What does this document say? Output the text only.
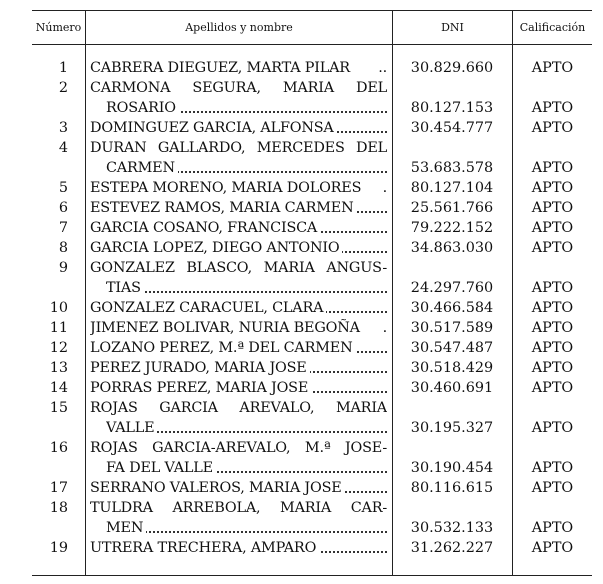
Número	Apellidos y nombre	DNI	Calificación
1 CABRERA DIEGUEZ, MARTA PILAR ..	30.829.660	APTO
2 CARMONA SEGURA, MARIA DEL
ROSARIO	80.127.153	APTO
3 DOMINGUEZ GARCIA, ALFONSA	30.454.777	APTO
4 DURAN GALLARDO, MERCEDES DEL
CARMEN	53.683.578	APTO
5 ESTEPA MORENO, MARIA DOLORES .	80.127.104	APTO
6 ESTEVEZ RAMOS, MARIA CARMEN	25.561.766	APTO
7 GARCIA COSANO, FRANCISCA	79.222.152	APTO
8 GARCIA LOPEZ, DIEGO ANTONIO	34.863.030	APTO
9 GONZALEZ BLASCO, MARIA ANGUS-
TIAS	24.297.760	APTO
10 GONZALEZ CARACUEL, CLARA	30.466.584	APTO
11 JIMENEZ BOLIVAR, NURIA BEGOÑA .	30.517.589	APTO
12 LOZANO PEREZ, M.ª DEL CARMEN	30.547.487	APTO
13 PEREZ JURADO, MARIA JOSE	30.518.429	APTO
14 PORRAS PEREZ, MARIA JOSE	30.460.691	APTO
15 ROJAS GARCIA AREVALO, MARIA
VALLE	30.195.327	APTO
16 ROJAS GARCIA-AREVALO, M.ª JOSE-
FA DEL VALLE	30.190.454	APTO
17 SERRANO VALEROS, MARIA JOSE	80.116.615	APTO
18 TULDRA ARREBOLA, MARIA CAR-
MEN	30.532.133	APTO
19 UTRERA TRECHERA, AMPARO	31.262.227	APTO
